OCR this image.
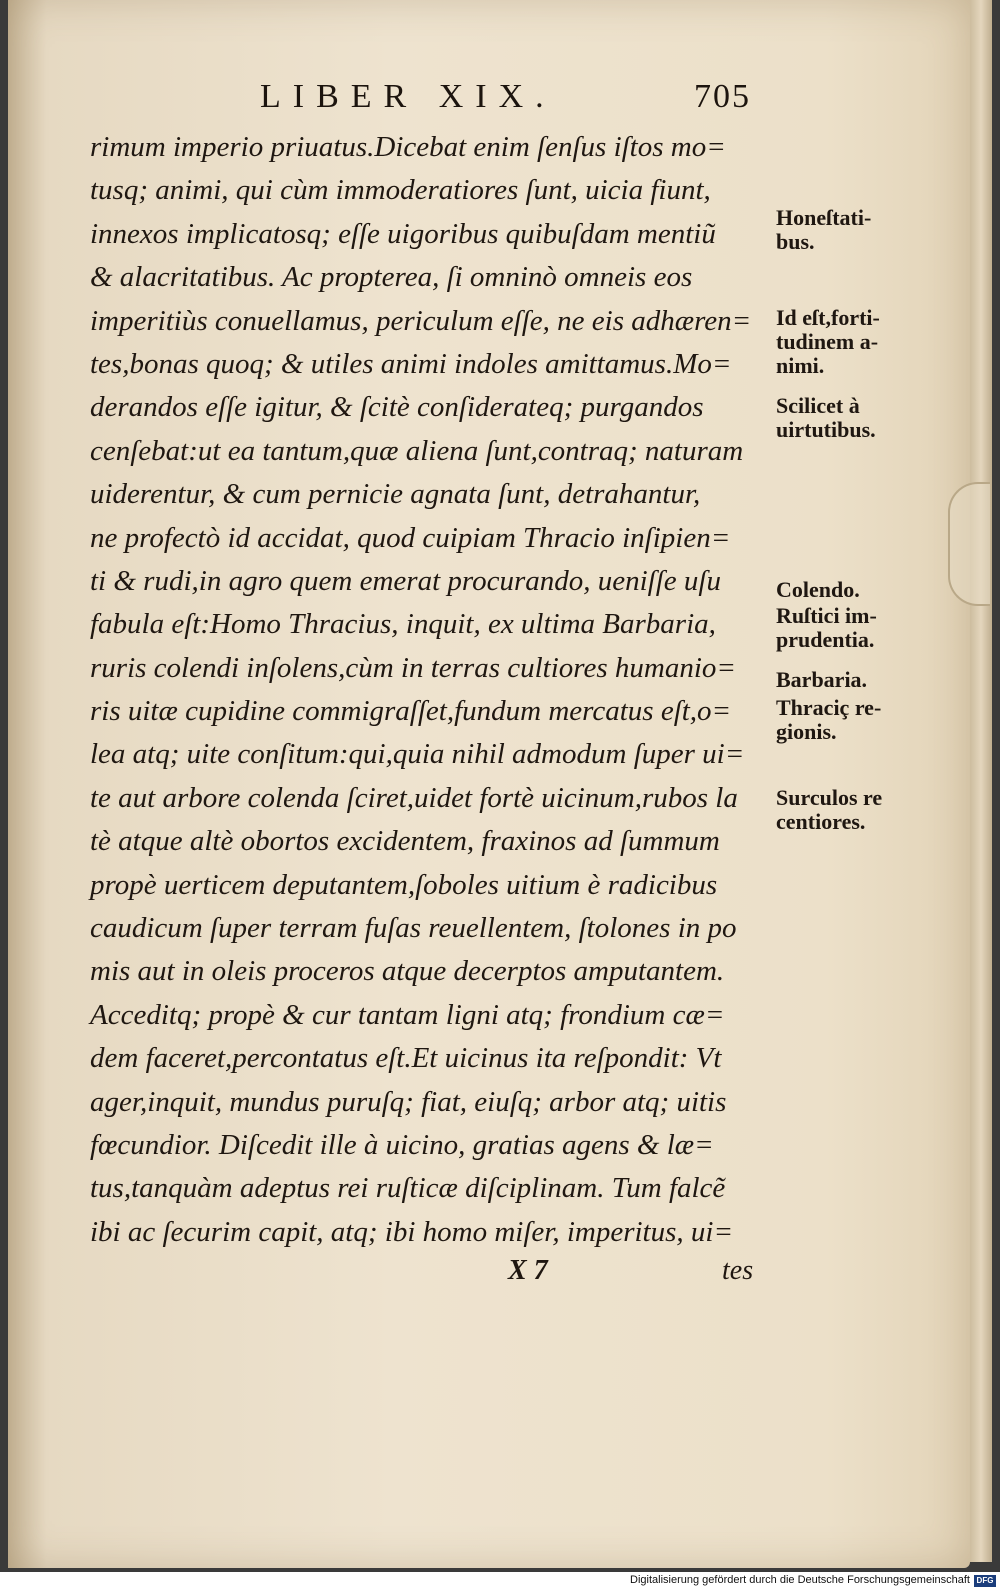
LIBER XIX.	705
rimum imperio priuatus.Dicebat enim ſenſus iſtos mo=
tusq; animi, qui cùm immoderatiores ſunt, uicia fiunt,
innexos implicatosq; eſſe uigoribus quibuſdam mentiũ
& alacritatibus. Ac propterea, ſi omninò omneis eos
imperitiùs conuellamus, periculum eſſe, ne eis adhæren=
tes,bonas quoq; & utiles animi indoles amittamus.Mo=
derandos eſſe igitur, & ſcitè conſiderateq; purgandos
cenſebat:ut ea tantum,quæ aliena ſunt,contraq; naturam
uiderentur, & cum pernicie agnata ſunt, detrahantur,
ne profectò id accidat, quod cuipiam Thracio inſipien=
ti & rudi,in agro quem emerat procurando, ueniſſe uſu
fabula eſt:Homo Thracius, inquit, ex ultima Barbaria,
ruris colendi inſolens,cùm in terras cultiores humanio=
ris uitæ cupidine commigraſſet,fundum mercatus eſt,o=
lea atq; uite conſitum:qui,quia nihil admodum ſuper ui=
te aut arbore colenda ſciret,uidet fortè uicinum,rubos la
tè atque altè obortos excidentem, fraxinos ad ſummum
propè uerticem deputantem,ſoboles uitium è radicibus
caudicum ſuper terram fuſas reuellentem, ſtolones in po
mis aut in oleis proceros atque decerptos amputantem.
Acceditq; propè & cur tantam ligni atq; frondium cæ=
dem faceret,percontatus eſt.Et uicinus ita reſpondit: Vt
ager,inquit, mundus puruſq; fiat, eiuſq; arbor atq; uitis
fœcundior. Diſcedit ille à uicino, gratias agens & læ=
tus,tanquàm adeptus rei ruſticæ diſciplinam. Tum falcẽ
ibi ac ſecurim capit, atq; ibi homo miſer, imperitus, ui=
Honeſtati-
bus.
Id eſt,forti-
tudinem a-
nimi.
Scilicet à
uirtutibus.
Colendo.
Ruſtici im-
prudentia.
Barbaria.
Thraciç re-
gionis.
Surculos re
centiores.
X 7	tes
Digitalisierung gefördert durch die Deutsche Forschungsgemeinschaft DFG
